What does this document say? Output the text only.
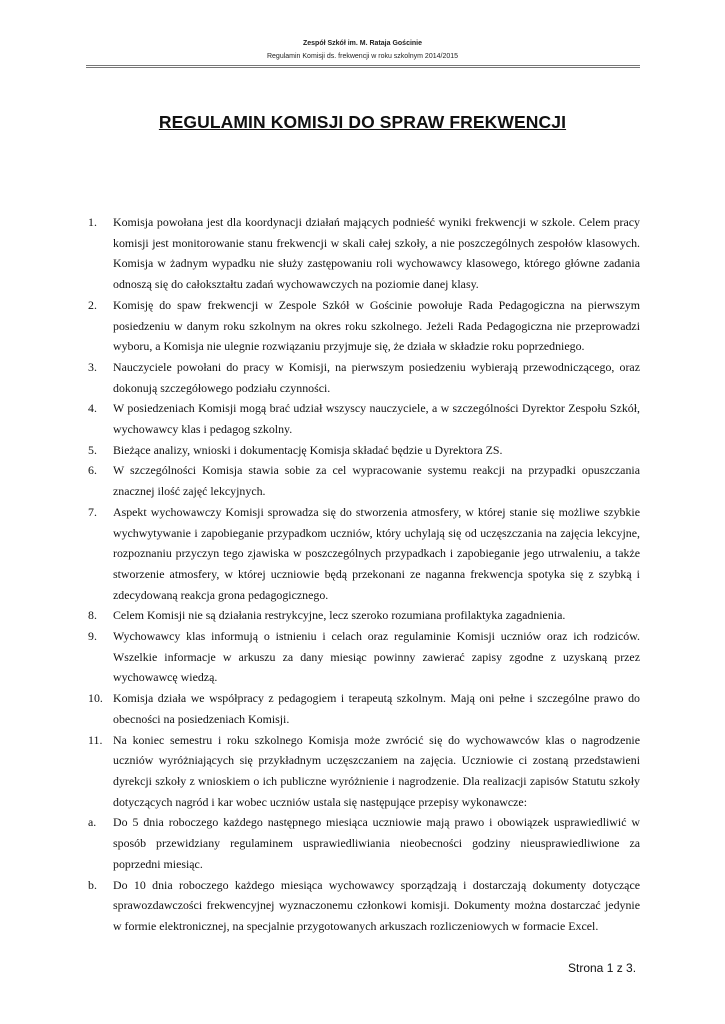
Zespół Szkół im. M. Rataja Gościnie
Regulamin Komisji ds. frekwencji w roku szkolnym 2014/2015
REGULAMIN KOMISJI DO SPRAW FREKWENCJI
1. Komisja powołana jest dla koordynacji działań mających podnieść wyniki frekwencji w szkole. Celem pracy komisji jest monitorowanie stanu frekwencji w skali całej szkoły, a nie poszczególnych zespołów klasowych. Komisja w żadnym wypadku nie służy zastępowaniu roli wychowawcy klasowego, którego główne zadania odnoszą się do całokształtu zadań wychowawczych na poziomie danej klasy.
2. Komisję do spaw frekwencji w Zespole Szkół w Gościnie powołuje Rada Pedagogiczna na pierwszym posiedzeniu w danym roku szkolnym na okres roku szkolnego. Jeżeli Rada Pedagogiczna nie przeprowadzi wyboru, a Komisja nie ulegnie rozwiązaniu przyjmuje się, że działa w składzie roku poprzedniego.
3. Nauczyciele powołani do pracy w Komisji, na pierwszym posiedzeniu wybierają przewodniczącego, oraz dokonują szczegółowego podziału czynności.
4. W posiedzeniach Komisji mogą brać udział wszyscy nauczyciele, a w szczególności Dyrektor Zespołu Szkół, wychowawcy klas i pedagog szkolny.
5. Bieżące analizy, wnioski i dokumentację Komisja składać będzie u Dyrektora ZS.
6. W szczególności Komisja stawia sobie za cel wypracowanie systemu reakcji na przypadki opuszczania znacznej ilość zajęć lekcyjnych.
7. Aspekt wychowawczy Komisji sprowadza się do stworzenia atmosfery, w której stanie się możliwe szybkie wychwytywanie i zapobieganie przypadkom uczniów, który uchylają się od uczęszczania na zajęcia lekcyjne, rozpoznaniu przyczyn tego zjawiska w poszczególnych przypadkach i zapobieganie jego utrwaleniu, a także stworzenie atmosfery, w której uczniowie będą przekonani ze naganna frekwencja spotyka się z szybką i zdecydowaną reakcja grona pedagogicznego.
8. Celem Komisji nie są działania restrykcyjne, lecz szeroko rozumiana profilaktyka zagadnienia.
9. Wychowawcy klas informują o istnieniu i celach oraz regulaminie Komisji uczniów oraz ich rodziców. Wszelkie informacje w arkuszu za dany miesiąc powinny zawierać zapisy zgodne z uzyskaną przez wychowawcę wiedzą.
10. Komisja działa we współpracy z pedagogiem i terapeutą szkolnym. Mają oni pełne i szczególne prawo do obecności na posiedzeniach Komisji.
11. Na koniec semestru i roku szkolnego Komisja może zwrócić się do wychowawców klas o nagrodzenie uczniów wyróżniających się przykładnym uczęszczaniem na zajęcia. Uczniowie ci zostaną przedstawieni dyrekcji szkoły z wnioskiem o ich publiczne wyróżnienie i nagrodzenie. Dla realizacji zapisów Statutu szkoły dotyczących nagród i kar wobec uczniów ustala się następujące przepisy wykonawcze:
a. Do 5 dnia roboczego każdego następnego miesiąca uczniowie mają prawo i obowiązek usprawiedliwić w sposób przewidziany regulaminem usprawiedliwiania nieobecności godziny nieusprawiedliwione za poprzedni miesiąc.
b. Do 10 dnia roboczego każdego miesiąca wychowawcy sporządzają i dostarczają dokumenty dotyczące sprawozdawczości frekwencyjnej wyznaczonemu członkowi komisji. Dokumenty można dostarczać jedynie w formie elektronicznej, na specjalnie przygotowanych arkuszach rozliczeniowych w formacie Excel.
Strona 1 z 3.
